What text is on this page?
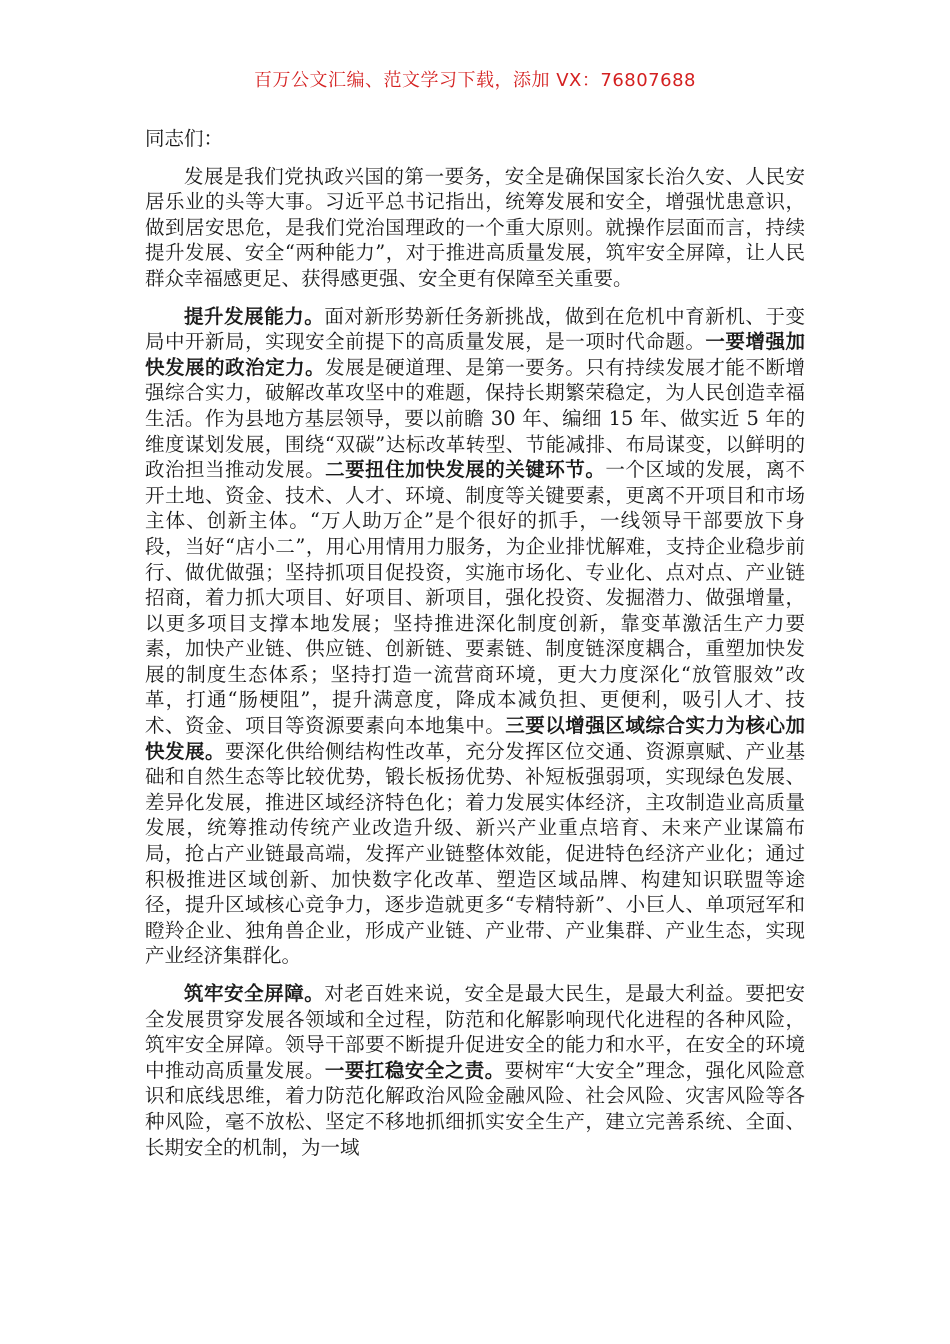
百万公文汇编、范文学习下载，添加 VX：76807688

同志们：

发展是我们党执政兴国的第一要务，安全是确保国家长治久安、人民安居乐业的头等大事。习近平总书记指出，统筹发展和安全，增强忧患意识，做到居安思危，是我们党治国理政的一个重大原则。就操作层面而言，持续提升发展、安全“两种能力”，对于推进高质量发展，筑牢安全屏障，让人民群众幸福感更足、获得感更强、安全更有保障至关重要。

提升发展能力。面对新形势新任务新挑战，做到在危机中育新机、于变局中开新局，实现安全前提下的高质量发展，是一项时代命题。一要增强加快发展的政治定力。发展是硬道理、是第一要务。只有持续发展才能不断增强综合实力，破解改革攻坚中的难题，保持长期繁荣稳定，为人民创造幸福生活。作为县地方基层领导，要以前瞻 30 年、编细 15 年、做实近 5 年的维度谋划发展，围绕“双碳”达标改革转型、节能减排、布局谋变，以鲜明的政治担当推动发展。二要扭住加快发展的关键环节。一个区域的发展，离不开土地、资金、技术、人才、环境、制度等关键要素，更离不开项目和市场主体、创新主体。“万人助万企”是个很好的抓手，一线领导干部要放下身段，当好“店小二”，用心用情用力服务，为企业排忧解难，支持企业稳步前行、做优做强；坚持抓项目促投资，实施市场化、专业化、点对点、产业链招商，着力抓大项目、好项目、新项目，强化投资、发掘潜力、做强增量，以更多项目支撑本地发展；坚持推进深化制度创新，靠变革激活生产力要素，加快产业链、供应链、创新链、要素链、制度链深度耦合，重塑加快发展的制度生态体系；坚持打造一流营商环境，更大力度深化“放管服效”改革，打通“肠梗阻”，提升满意度，降成本减负担、更便利，吸引人才、技术、资金、项目等资源要素向本地集中。三要以增强区域综合实力为核心加快发展。要深化供给侧结构性改革，充分发挥区位交通、资源禀赋、产业基础和自然生态等比较优势，锻长板扬优势、补短板强弱项，实现绿色发展、差异化发展，推进区域经济特色化；着力发展实体经济，主攻制造业高质量发展，统筹推动传统产业改造升级、新兴产业重点培育、未来产业谋篇布局，抢占产业链最高端，发挥产业链整体效能，促进特色经济产业化；通过积极推进区域创新、加快数字化改革、塑造区域品牌、构建知识联盟等途径，提升区域核心竞争力，逐步造就更多“专精特新”、小巨人、单项冠军和瞪羚企业、独角兽企业，形成产业链、产业带、产业集群、产业生态，实现产业经济集群化。

筑牢安全屏障。对老百姓来说，安全是最大民生，是最大利益。要把安全发展贯穿发展各领域和全过程，防范和化解影响现代化进程的各种风险，筑牢安全屏障。领导干部要不断提升促进安全的能力和水平，在安全的环境中推动高质量发展。一要扛稳安全之责。要树牢“大安全”理念，强化风险意识和底线思维，着力防范化解政治风险金融风险、社会风险、灾害风险等各种风险，毫不放松、坚定不移地抓细抓实安全生产，建立完善系统、全面、长期安全的机制，为一域
